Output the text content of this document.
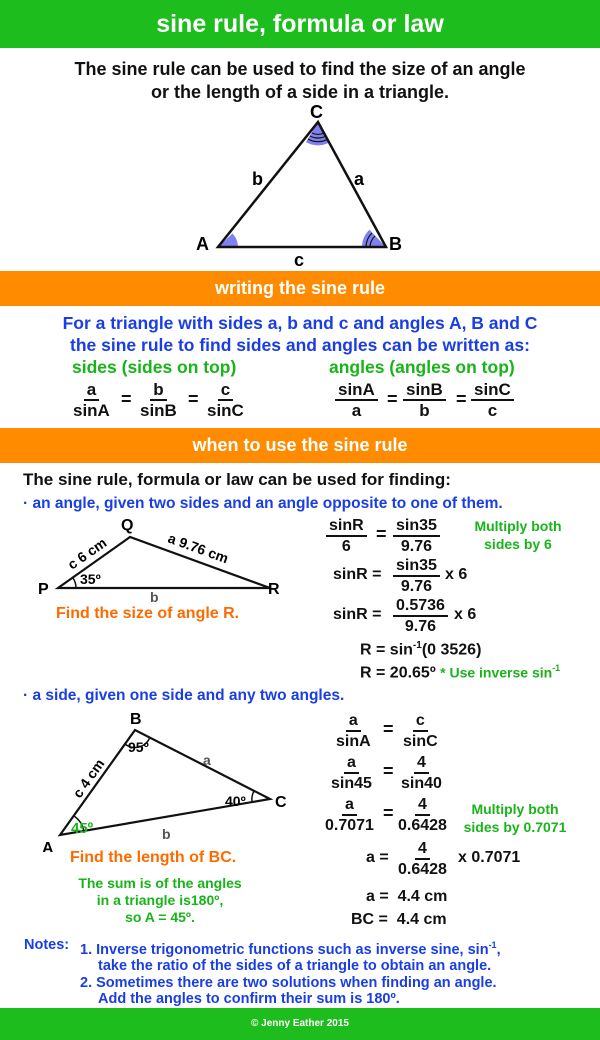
sine rule, formula or law
The sine rule can be used to find the size of an angle
or the length of a side in a triangle.
A	B
C
b	a
c
writing the sine rule
For a triangle with sides a, b and c and angles A, B and C
the sine rule to find sides and angles can be written as:
sides (sides on top)	angles (angles on top)
$\frac{a}{\sin A} = \frac{b}{\sin B} = \frac{c}{\sin C}$	$\frac{\sin A}{a} = \frac{\sin B}{b} = \frac{\sin C}{c}$
when to use the sine rule
The sine rule, formula or law can be used for finding:
· an angle, given two sides and an angle opposite to one of them.
Q
P	R
c 6 cm	a 9.76 cm
b
35º
Find the size of angle R.
$\frac{\sin R}{6} = \frac{\sin 35}{9.76}$	Multiply both
sides by 6
$\sin R = \frac{\sin 35}{9.76}$ x 6
$\sin R = \frac{0.5736}{9.76}$ x 6
$R = \sin^{-1}(0$ 3526)
R = 20.65º * Use inverse $\sin^{-1}$
· a side, given one side and any two angles.
B
A
C
95º
40º
45º
c 4 cm	a
b
Find the length of BC.
The sum is of the angles
in a triangle is180º,
so A = 45º.
$\frac{a}{\sin A} = \frac{c}{\sin C}$
$\frac{a}{\sin 45} = \frac{4}{\sin 40}$
$\frac{a}{0.7071} = \frac{4}{0.6428}$	Multiply both
sides by 0.7071
$a = \frac{4}{0.6428}$ x 0.7071
a =  4.4 cm
BC =  4.4 cm
Notes: 1. Inverse trigonometric functions such as inverse sine, $\sin^{-1}$,
take the ratio of the sides of a triangle to obtain an angle.
2. Sometimes there are two solutions when finding an angle.
Add the angles to confirm their sum is 180º.
© Jenny Eather 2015
